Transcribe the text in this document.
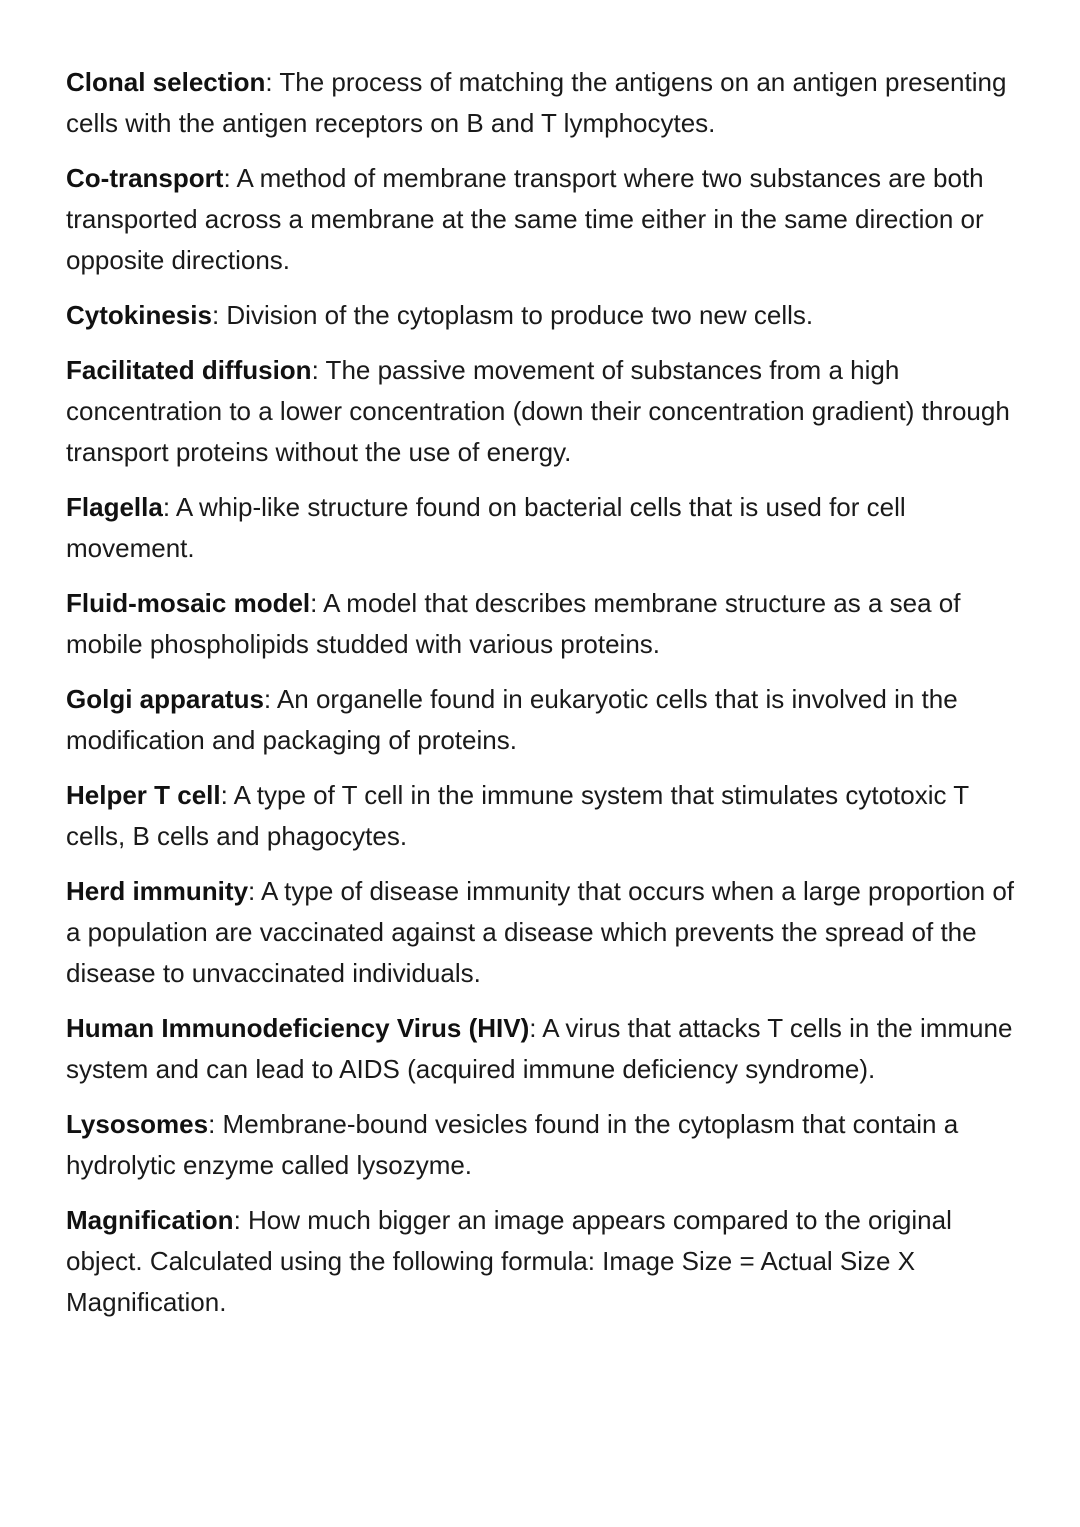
Clonal selection: The process of matching the antigens on an antigen presenting cells with the antigen receptors on B and T lymphocytes.

Co-transport: A method of membrane transport where two substances are both transported across a membrane at the same time either in the same direction or opposite directions.

Cytokinesis: Division of the cytoplasm to produce two new cells.

Facilitated diffusion: The passive movement of substances from a high concentration to a lower concentration (down their concentration gradient) through transport proteins without the use of energy.

Flagella: A whip-like structure found on bacterial cells that is used for cell movement.

Fluid-mosaic model: A model that describes membrane structure as a sea of mobile phospholipids studded with various proteins.

Golgi apparatus: An organelle found in eukaryotic cells that is involved in the modification and packaging of proteins.

Helper T cell: A type of T cell in the immune system that stimulates cytotoxic T cells, B cells and phagocytes.

Herd immunity: A type of disease immunity that occurs when a large proportion of a population are vaccinated against a disease which prevents the spread of the disease to unvaccinated individuals.

Human Immunodeficiency Virus (HIV): A virus that attacks T cells in the immune system and can lead to AIDS (acquired immune deficiency syndrome).

Lysosomes: Membrane-bound vesicles found in the cytoplasm that contain a hydrolytic enzyme called lysozyme.

Magnification: How much bigger an image appears compared to the original object. Calculated using the following formula: Image Size = Actual Size X Magnification.
